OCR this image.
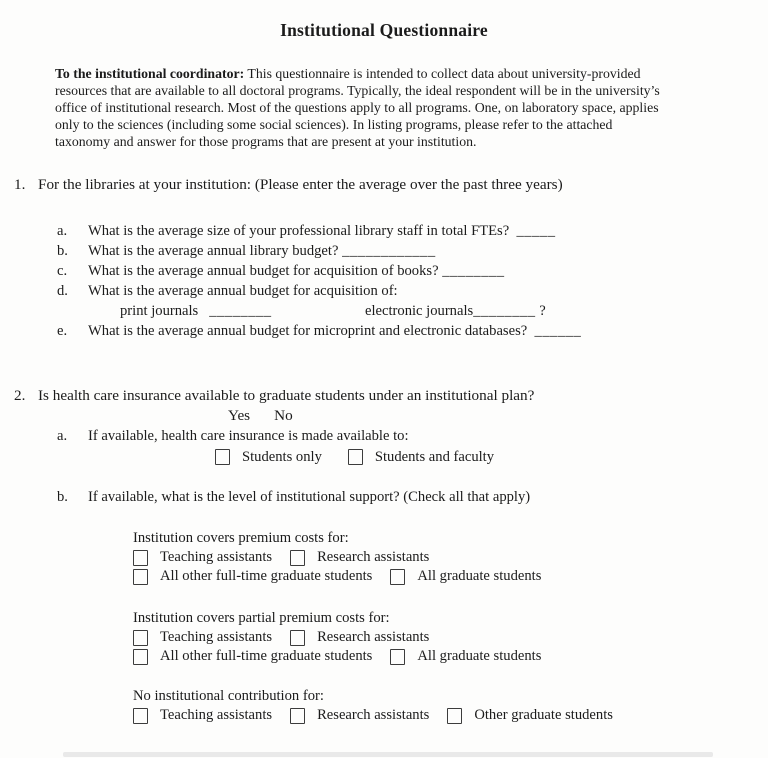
Institutional Questionnaire
To the institutional coordinator: This questionnaire is intended to collect data about university-provided
resources that are available to all doctoral programs. Typically, the ideal respondent will be in the university’s
office of institutional research. Most of the questions apply to all programs. One, on laboratory space, applies
only to the sciences (including some social sciences). In listing programs, please refer to the attached
taxonomy and answer for those programs that are present at your institution.
1. For the libraries at your institution: (Please enter the average over the past three years)
a.	What is the average size of your professional library staff in total FTEs?
_____
b.	What is the average annual library budget?
____________
c.	What is the average annual budget for acquisition of books?
________
d.	What is the average annual budget for acquisition of:
print journals ________	electronic journals________ ?
e.	What is the average annual budget for microprint and electronic databases?
______
2. Is health care insurance available to graduate students under an institutional plan?
Yes No
a.	If available, health care insurance is made available to:
Students only	Students and faculty
b.	If available, what is the level of institutional support? (Check all that apply)
Institution covers premium costs for:
Teaching assistants	Research assistants
All other full-time graduate students	All graduate students
Institution covers partial premium costs for:
Teaching assistants	Research assistants
All other full-time graduate students	All graduate students
No institutional contribution for:
Teaching assistants	Research assistants	Other graduate students
